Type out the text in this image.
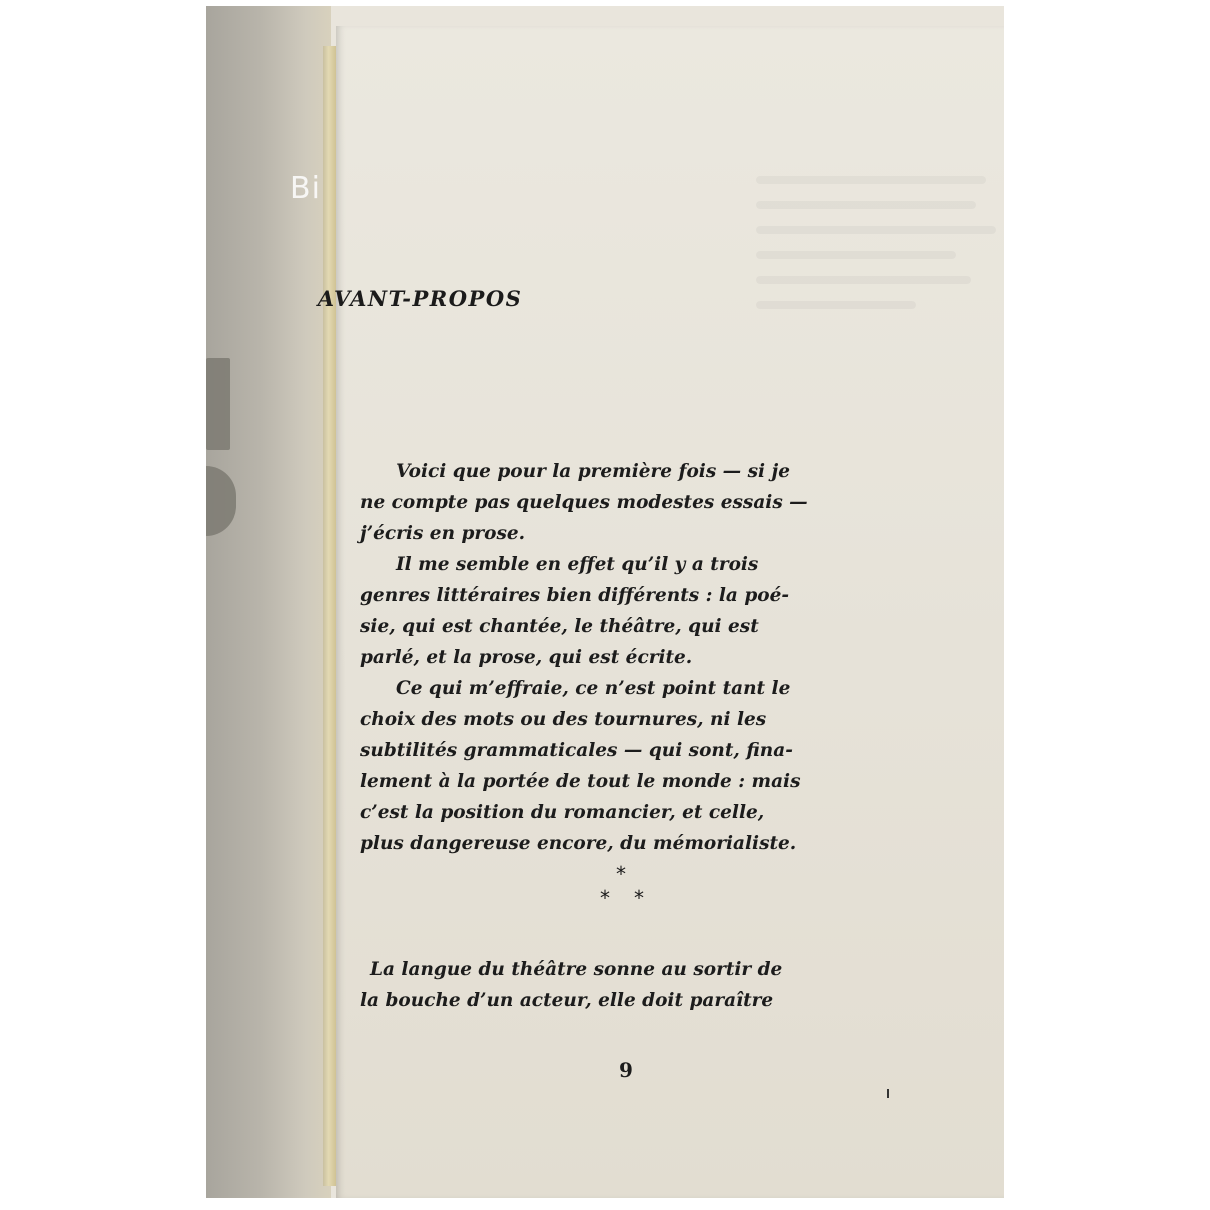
Bi
AVANT-PROPOS

Voici que pour la première fois — si je
ne compte pas quelques modestes essais —
j’écris en prose.

Il me semble en effet qu’il y a trois
genres littéraires bien différents : la poé-
sie, qui est chantée, le théâtre, qui est
parlé, et la prose, qui est écrite.

Ce qui m’effraie, ce n’est point tant le
choix des mots ou des tournures, ni les
subtilités grammaticales — qui sont, fina-
lement à la portée de tout le monde : mais
c’est la position du romancier, et celle,
plus dangereuse encore, du mémorialiste.

*
* *

La langue du théâtre sonne au sortir de
la bouche d’un acteur, elle doit paraître

9
